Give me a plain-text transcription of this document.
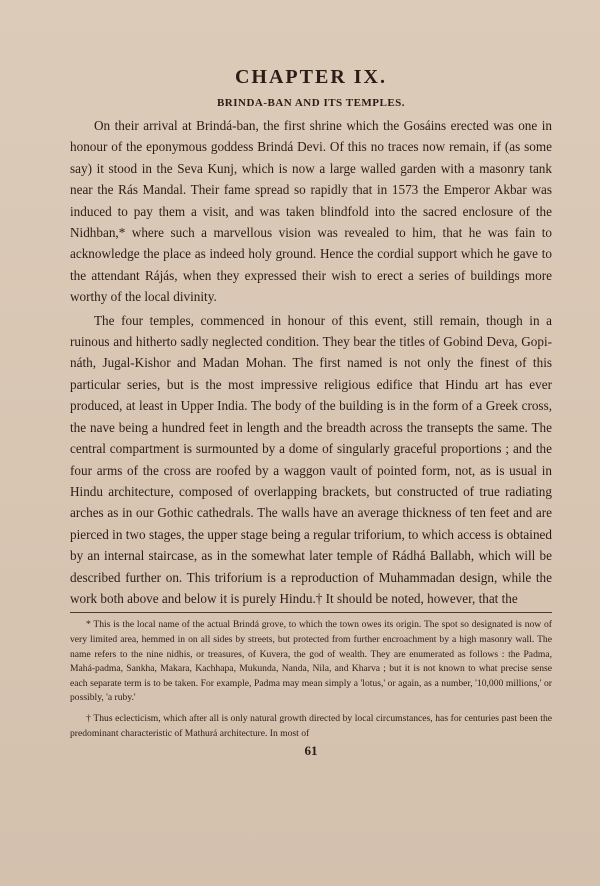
CHAPTER IX.
BRINDA-BAN AND ITS TEMPLES.

On their arrival at Brindá-ban, the first shrine which the Gosáins erected was one in honour of the eponymous goddess Brindá Devi. Of this no traces now remain, if (as some say) it stood in the Seva Kunj, which is now a large walled garden with a masonry tank near the Rás Mandal. Their fame spread so rapidly that in 1573 the Emperor Akbar was induced to pay them a visit, and was taken blindfold into the sacred enclosure of the Nidhban,* where such a marvellous vision was revealed to him, that he was fain to acknowledge the place as indeed holy ground. Hence the cordial support which he gave to the attendant Rájás, when they expressed their wish to erect a series of buildings more worthy of the local divinity.

The four temples, commenced in honour of this event, still remain, though in a ruinous and hitherto sadly neglected condition. They bear the titles of Gobind Deva, Gopi-náth, Jugal-Kishor and Madan Mohan. The first named is not only the finest of this particular series, but is the most impressive religious edifice that Hindu art has ever produced, at least in Upper India. The body of the building is in the form of a Greek cross, the nave being a hundred feet in length and the breadth across the transepts the same. The central compartment is surmounted by a dome of singularly graceful proportions ; and the four arms of the cross are roofed by a waggon vault of pointed form, not, as is usual in Hindu architecture, composed of overlapping brackets, but constructed of true radiating arches as in our Gothic cathedrals. The walls have an average thickness of ten feet and are pierced in two stages, the upper stage being a regular triforium, to which access is obtained by an internal staircase, as in the somewhat later temple of Rádhá Ballabh, which will be described further on. This triforium is a reproduction of Muhammadan design, while the work both above and below it is purely Hindu.† It should be noted, however, that the

* This is the local name of the actual Brindá grove, to which the town owes its origin. The spot so designated is now of very limited area, hemmed in on all sides by streets, but protected from further encroachment by a high masonry wall. The name refers to the nine nidhis, or treasures, of Kuvera, the god of wealth. They are enumerated as follows : the Padma, Mahá-padma, Sankha, Makara, Kachhapa, Mukunda, Nanda, Nila, and Kharva ; but it is not known to what precise sense each separate term is to be taken. For example, Padma may mean simply a 'lotus,' or again, as a number, '10,000 millions,' or possibly, 'a ruby.'

† Thus eclecticism, which after all is only natural growth directed by local circumstances, has for centuries past been the predominant characteristic of Mathurá architecture. In most of

61
